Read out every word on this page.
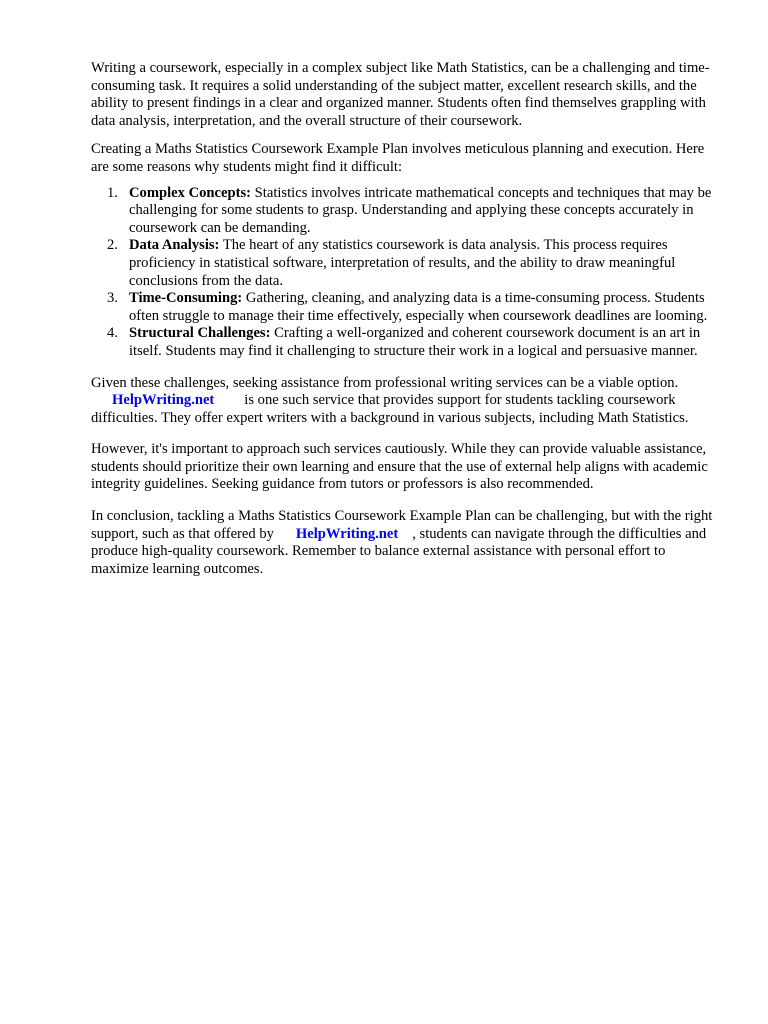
Writing a coursework, especially in a complex subject like Math Statistics, can be a challenging and time-consuming task. It requires a solid understanding of the subject matter, excellent research skills, and the ability to present findings in a clear and organized manner. Students often find themselves grappling with data analysis, interpretation, and the overall structure of their coursework.

Creating a Maths Statistics Coursework Example Plan involves meticulous planning and execution. Here are some reasons why students might find it difficult:

1. Complex Concepts: Statistics involves intricate mathematical concepts and techniques that may be challenging for some students to grasp. Understanding and applying these concepts accurately in coursework can be demanding.
2. Data Analysis: The heart of any statistics coursework is data analysis. This process requires proficiency in statistical software, interpretation of results, and the ability to draw meaningful conclusions from the data.
3. Time-Consuming: Gathering, cleaning, and analyzing data is a time-consuming process. Students often struggle to manage their time effectively, especially when coursework deadlines are looming.
4. Structural Challenges: Crafting a well-organized and coherent coursework document is an art in itself. Students may find it challenging to structure their work in a logical and persuasive manner.

Given these challenges, seeking assistance from professional writing services can be a viable option.
HelpWriting.net is one such service that provides support for students tackling coursework difficulties. They offer expert writers with a background in various subjects, including Math Statistics.

However, it's important to approach such services cautiously. While they can provide valuable assistance, students should prioritize their own learning and ensure that the use of external help aligns with academic integrity guidelines. Seeking guidance from tutors or professors is also recommended.

In conclusion, tackling a Maths Statistics Coursework Example Plan can be challenging, but with the right support, such as that offered by HelpWriting.net , students can navigate through the difficulties and produce high-quality coursework. Remember to balance external assistance with personal effort to maximize learning outcomes.
